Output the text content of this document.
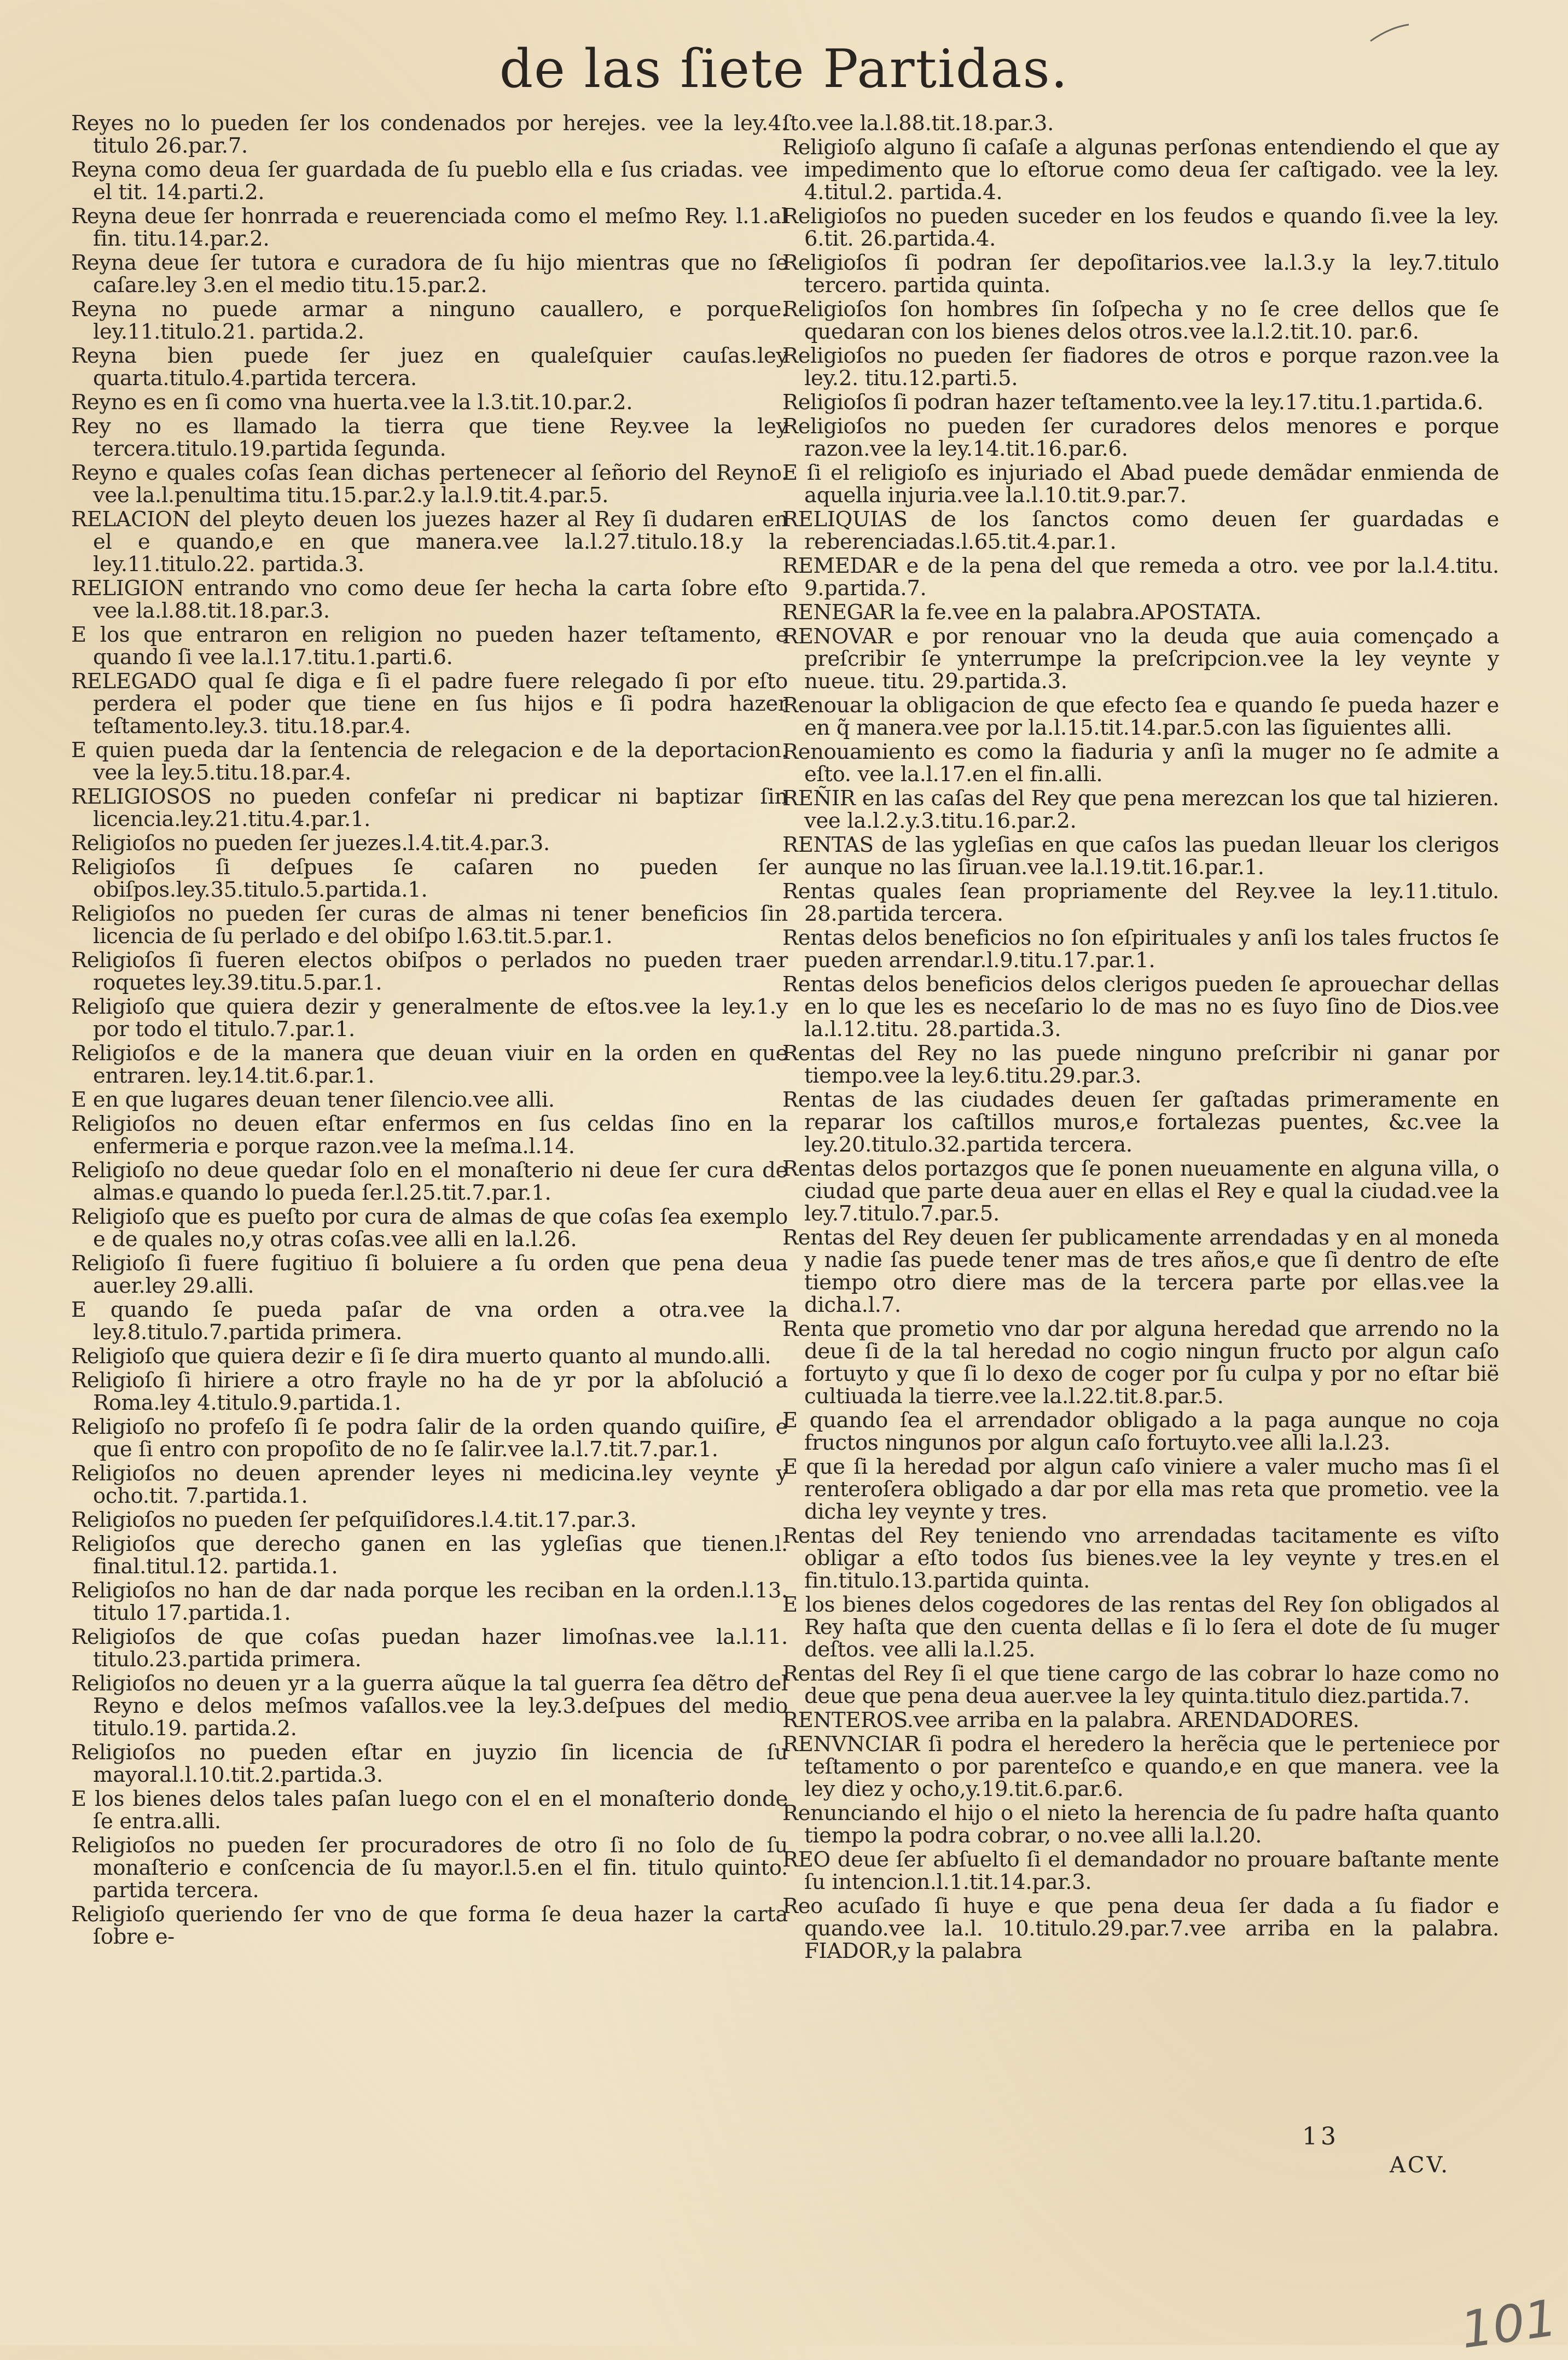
de las ſiete Partidas.

Reyes no lo pueden ſer los condenados por herejes. vee la ley.4. titulo 26.par.7.

Reyna como deua ſer guardada de ſu pueblo ella e ſus criadas. vee el tit. 14.parti.2.

Reyna deue ſer honrrada e reuerenciada como el meſmo Rey. l.1.al fin. titu.14.par.2.

Reyna deue ſer tutora e curadora de ſu hijo mientras que no ſe caſare.ley 3.en el medio titu.15.par.2.

Reyna no puede armar a ninguno cauallero, e porque. ley.11.titulo.21. partida.2.

Reyna bien puede ſer juez en qualeſquier cauſas.ley quarta.titulo.4.partida tercera.

Reyno es en ſi como vna huerta.vee la l.3.tit.10.par.2.

Rey no es llamado la tierra que tiene Rey.vee la ley tercera.titulo.19.partida ſegunda.

Reyno e quales coſas ſean dichas pertenecer al ſeñorio del Reyno. vee la.l.penultima titu.15.par.2.y la.l.9.tit.4.par.5.

RELACION del pleyto deuen los juezes hazer al Rey ſi dudaren en el e quando,e en que manera.vee la.l.27.titulo.18.y la ley.11.titulo.22. partida.3.

RELIGION entrando vno como deue ſer hecha la carta ſobre eſto vee la.l.88.tit.18.par.3.

E los que entraron en religion no pueden hazer teſtamento, e quando ſi vee la.l.17.titu.1.parti.6.

RELEGADO qual ſe diga e ſi el padre fuere relegado ſi por eſto perdera el poder que tiene en ſus hijos e ſi podra hazer teſtamento.ley.3. titu.18.par.4.

E quien pueda dar la ſentencia de relegacion e de la deportacion. vee la ley.5.titu.18.par.4.

RELIGIOSOS no pueden confeſar ni predicar ni baptizar ſin licencia.ley.21.titu.4.par.1.

Religioſos no pueden ſer juezes.l.4.tit.4.par.3.

Religioſos ſi deſpues ſe caſaren no pueden ſer obiſpos.ley.35.titulo.5.partida.1.

Religioſos no pueden ſer curas de almas ni tener beneficios ſin licencia de ſu perlado e del obiſpo l.63.tit.5.par.1.

Religioſos ſi fueren electos obiſpos o perlados no pueden traer roquetes ley.39.titu.5.par.1.

Religioſo que quiera dezir y generalmente de eſtos.vee la ley.1.y por todo el titulo.7.par.1.

Religioſos e de la manera que deuan viuir en la orden en que entraren. ley.14.tit.6.par.1.

E en que lugares deuan tener ſilencio.vee alli.

Religioſos no deuen eſtar enfermos en ſus celdas ſino en la enfermeria e porque razon.vee la meſma.l.14.

Religioſo no deue quedar ſolo en el monaſterio ni deue ſer cura de almas.e quando lo pueda ſer.l.25.tit.7.par.1.

Religioſo que es pueſto por cura de almas de que coſas ſea exemplo e de quales no,y otras coſas.vee alli en la.l.26.

Religioſo ſi fuere fugitiuo ſi boluiere a ſu orden que pena deua auer.ley 29.alli.

E quando ſe pueda paſar de vna orden a otra.vee la ley.8.titulo.7.partida primera.

Religioſo que quiera dezir e ſi ſe dira muerto quanto al mundo.alli.

Religioſo ſi hiriere a otro frayle no ha de yr por la abſolució a Roma.ley 4.titulo.9.partida.1.

Religioſo no profeſo ſi ſe podra ſalir de la orden quando quiſire, e que ſi entro con propoſito de no ſe ſalir.vee la.l.7.tit.7.par.1.

Religioſos no deuen aprender leyes ni medicina.ley veynte y ocho.tit. 7.partida.1.

Religioſos no pueden ſer peſquiſidores.l.4.tit.17.par.3.

Religioſos que derecho ganen en las ygleſias que tienen.l. final.titul.12. partida.1.

Religioſos no han de dar nada porque les reciban en la orden.l.13. titulo 17.partida.1.

Religioſos de que coſas puedan hazer limoſnas.vee la.l.11. titulo.23.partida primera.

Religioſos no deuen yr a la guerra aũque la tal guerra ſea dẽtro del Reyno e delos meſmos vaſallos.vee la ley.3.deſpues del medio titulo.19. partida.2.

Religioſos no pueden eſtar en juyzio ſin licencia de ſu mayoral.l.10.tit.2.partida.3.

E los bienes delos tales paſan luego con el en el monaſterio donde ſe entra.alli.

Religioſos no pueden ſer procuradores de otro ſi no ſolo de ſu monaſterio e conſcencia de ſu mayor.l.5.en el fin. titulo quinto. partida tercera.

Religioſo queriendo ſer vno de que forma ſe deua hazer la carta ſobre e-

ſto.vee la.l.88.tit.18.par.3.

Religioſo alguno ſi caſaſe a algunas perſonas entendiendo el que ay impedimento que lo eſtorue como deua ſer caſtigado. vee la ley. 4.titul.2. partida.4.

Religioſos no pueden suceder en los feudos e quando ſi.vee la ley. 6.tit. 26.partida.4.

Religioſos ſi podran ſer depoſitarios.vee la.l.3.y la ley.7.titulo tercero. partida quinta.

Religioſos ſon hombres ſin ſoſpecha y no ſe cree dellos que ſe quedaran con los bienes delos otros.vee la.l.2.tit.10. par.6.

Religioſos no pueden ſer fiadores de otros e porque razon.vee la ley.2. titu.12.parti.5.

Religioſos ſi podran hazer teſtamento.vee la ley.17.titu.1.partida.6.

Religioſos no pueden ſer curadores delos menores e porque razon.vee la ley.14.tit.16.par.6.

E ſi el religioſo es injuriado el Abad puede demãdar enmienda de aquella injuria.vee la.l.10.tit.9.par.7.

RELIQUIAS de los ſanctos como deuen ſer guardadas e reberenciadas.l.65.tit.4.par.1.

REMEDAR e de la pena del que remeda a otro. vee por la.l.4.titu. 9.partida.7.

RENEGAR la fe.vee en la palabra.APOSTATA.

RENOVAR e por renouar vno la deuda que auia començado a preſcribir ſe ynterrumpe la preſcripcion.vee la ley veynte y nueue. titu. 29.partida.3.

Renouar la obligacion de que efecto ſea e quando ſe pueda hazer e en q̃ manera.vee por la.l.15.tit.14.par.5.con las ſiguientes alli.

Renouamiento es como la fiaduria y anſi la muger no ſe admite a eſto. vee la.l.17.en el fin.alli.

REÑIR en las caſas del Rey que pena merezcan los que tal hizieren. vee la.l.2.y.3.titu.16.par.2.

RENTAS de las ygleſias en que caſos las puedan lleuar los clerigos aunque no las ſiruan.vee la.l.19.tit.16.par.1.

Rentas quales ſean propriamente del Rey.vee la ley.11.titulo. 28.partida tercera.

Rentas delos beneficios no ſon eſpirituales y anſi los tales fructos ſe pueden arrendar.l.9.titu.17.par.1.

Rentas delos beneficios delos clerigos pueden ſe aprouechar dellas en lo que les es neceſario lo de mas no es ſuyo ſino de Dios.vee la.l.12.titu. 28.partida.3.

Rentas del Rey no las puede ninguno preſcribir ni ganar por tiempo.vee la ley.6.titu.29.par.3.

Rentas de las ciudades deuen ſer gaſtadas primeramente en reparar los caſtillos muros,e fortalezas puentes, &c.vee la ley.20.titulo.32.partida tercera.

Rentas delos portazgos que ſe ponen nueuamente en alguna villa, o ciudad que parte deua auer en ellas el Rey e qual la ciudad.vee la ley.7.titulo.7.par.5.

Rentas del Rey deuen ſer publicamente arrendadas y en al moneda y nadie ſas puede tener mas de tres años,e que ſi dentro de eſte tiempo otro diere mas de la tercera parte por ellas.vee la dicha.l.7.

Renta que prometio vno dar por alguna heredad que arrendo no la deue ſi de la tal heredad no cogio ningun fructo por algun caſo fortuyto y que ſi lo dexo de coger por ſu culpa y por no eſtar bië cultiuada la tierre.vee la.l.22.tit.8.par.5.

E quando ſea el arrendador obligado a la paga aunque no coja fructos ningunos por algun caſo fortuyto.vee alli la.l.23.

E que ſi la heredad por algun caſo viniere a valer mucho mas ſi el renteroſera obligado a dar por ella mas reta que prometio. vee la dicha ley veynte y tres.

Rentas del Rey teniendo vno arrendadas tacitamente es viſto obligar a eſto todos ſus bienes.vee la ley veynte y tres.en el fin.titulo.13.partida quinta.

E los bienes delos cogedores de las rentas del Rey ſon obligados al Rey haſta que den cuenta dellas e ſi lo ſera el dote de ſu muger deſtos. vee alli la.l.25.

Rentas del Rey ſi el que tiene cargo de las cobrar lo haze como no deue que pena deua auer.vee la ley quinta.titulo diez.partida.7.

RENTEROS.vee arriba en la palabra. ARENDADORES.

RENVNCIAR ſi podra el heredero la herẽcia que le perteniece por teſtamento o por parenteſco e quando,e en que manera. vee la ley diez y ocho,y.19.tit.6.par.6.

Renunciando el hijo o el nieto la herencia de ſu padre haſta quanto tiempo la podra cobrar, o no.vee alli la.l.20.

REO deue ſer abſuelto ſi el demandador no prouare baſtante mente ſu intencion.l.1.tit.14.par.3.

Reo acuſado ſi huye e que pena deua ſer dada a ſu fiador e quando.vee la.l. 10.titulo.29.par.7.vee arriba en la palabra. FIADOR,y la palabra

13
ACV.
101
